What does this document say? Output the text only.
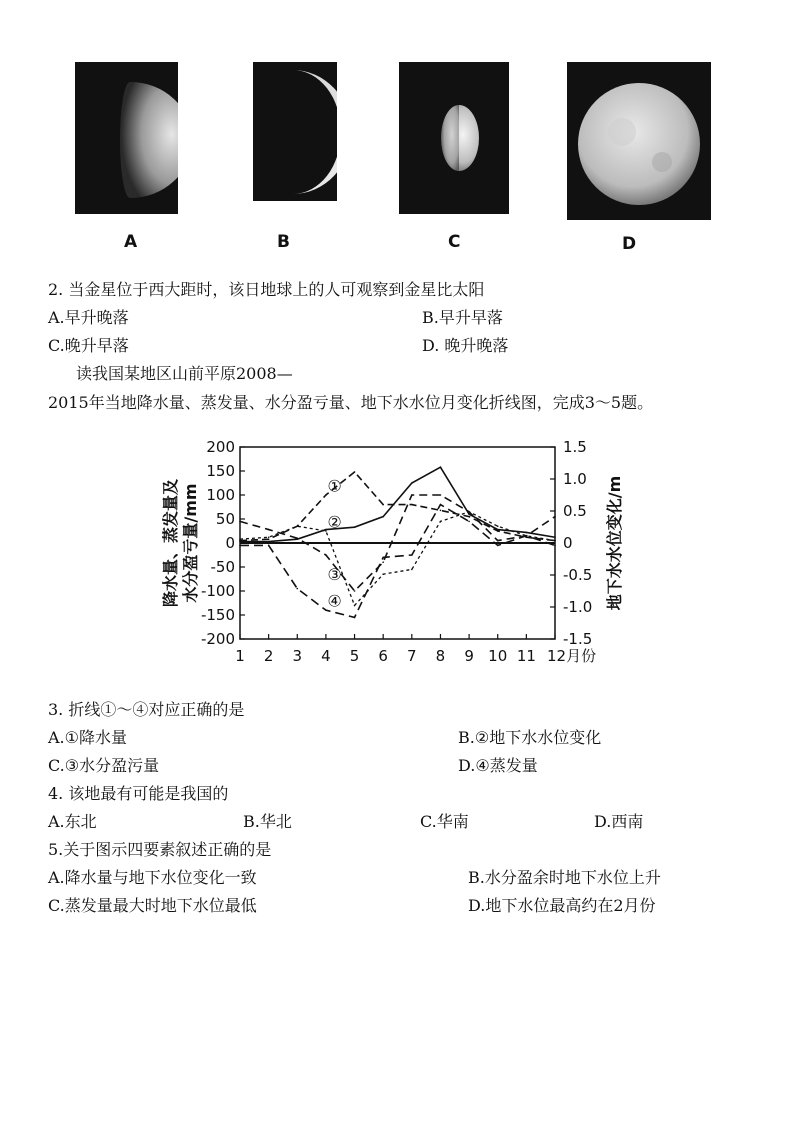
A	B	C	D
2. 当金星位于西大距时，该日地球上的人可观察到金星比太阳
A.早升晚落	B.早升早落
C.晚升早落	D. 晚升晚落
读我国某地区山前平原2008—
2015年当地降水量、蒸发量、水分盈亏量、地下水水位月变化折线图，完成3～5题。
200
150
100
50
0
-50
-100
-150
-200
1.5
1.0
0.5
0
-0.5
-1.0
-1.5
1 2 3 4 5 6 7 8 9 10 11 12月份
降水量、蒸发量及水分盈亏量/mm	地下水水位变化/m
①
②
③
④
3. 折线①～④对应正确的是
A.①降水量	B.②地下水水位变化
C.③水分盈污量	D.④蒸发量
4. 该地最有可能是我国的
A.东北	B.华北	C.华南	D.西南
5.关于图示四要素叙述正确的是
A.降水量与地下水位变化一致	B.水分盈余时地下水位上升
C.蒸发量最大时地下水位最低	D.地下水位最高约在2月份
